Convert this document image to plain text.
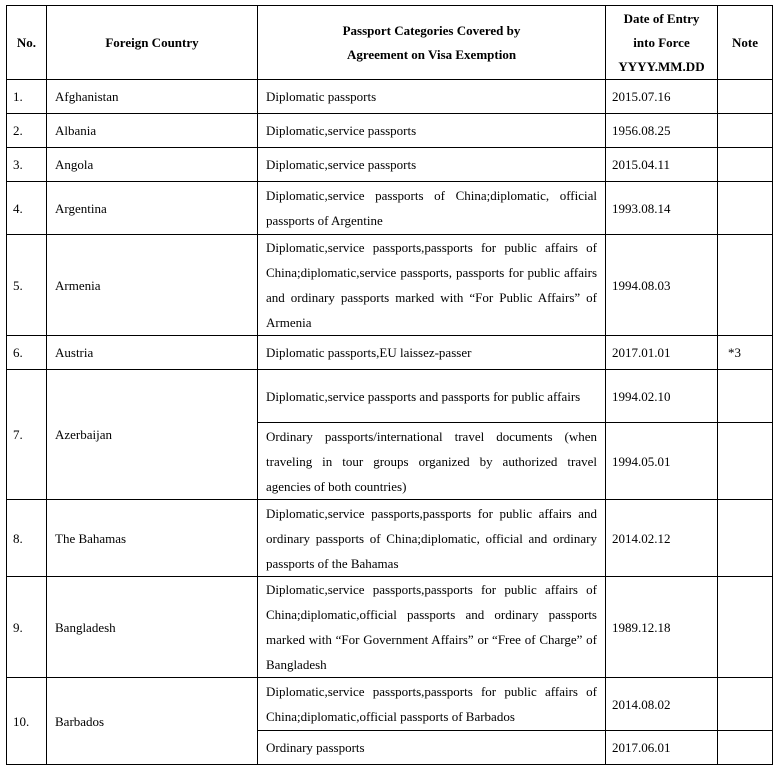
No.	Foreign Country	Passport Categories Covered by Agreement on Visa Exemption	Date of Entry into Force YYYY.MM.DD	Note
1.	Afghanistan	Diplomatic passports	2015.07.16	
2.	Albania	Diplomatic,service passports	1956.08.25	
3.	Angola	Diplomatic,service passports	2015.04.11	
4.	Argentina	Diplomatic,service passports of China;diplomatic, official passports of Argentine	1993.08.14	
5.	Armenia	Diplomatic,service passports,passports for public affairs of China;diplomatic,service passports, passports for public affairs and ordinary passports marked with “For Public Affairs” of Armenia	1994.08.03	
6.	Austria	Diplomatic passports,EU laissez-passer	2017.01.01	*3
7.	Azerbaijan	Diplomatic,service passports and passports for public affairs	1994.02.10	
		Ordinary passports/international travel documents (when traveling in tour groups organized by authorized travel agencies of both countries)	1994.05.01	
8.	The Bahamas	Diplomatic,service passports,passports for public affairs and ordinary passports of China;diplomatic, official and ordinary passports of the Bahamas	2014.02.12	
9.	Bangladesh	Diplomatic,service passports,passports for public affairs of China;diplomatic,official passports and ordinary passports marked with “For Government Affairs” or “Free of Charge” of Bangladesh	1989.12.18	
10.	Barbados	Diplomatic,service passports,passports for public affairs of China;diplomatic,official passports of Barbados	2014.08.02	
		Ordinary passports	2017.06.01	
